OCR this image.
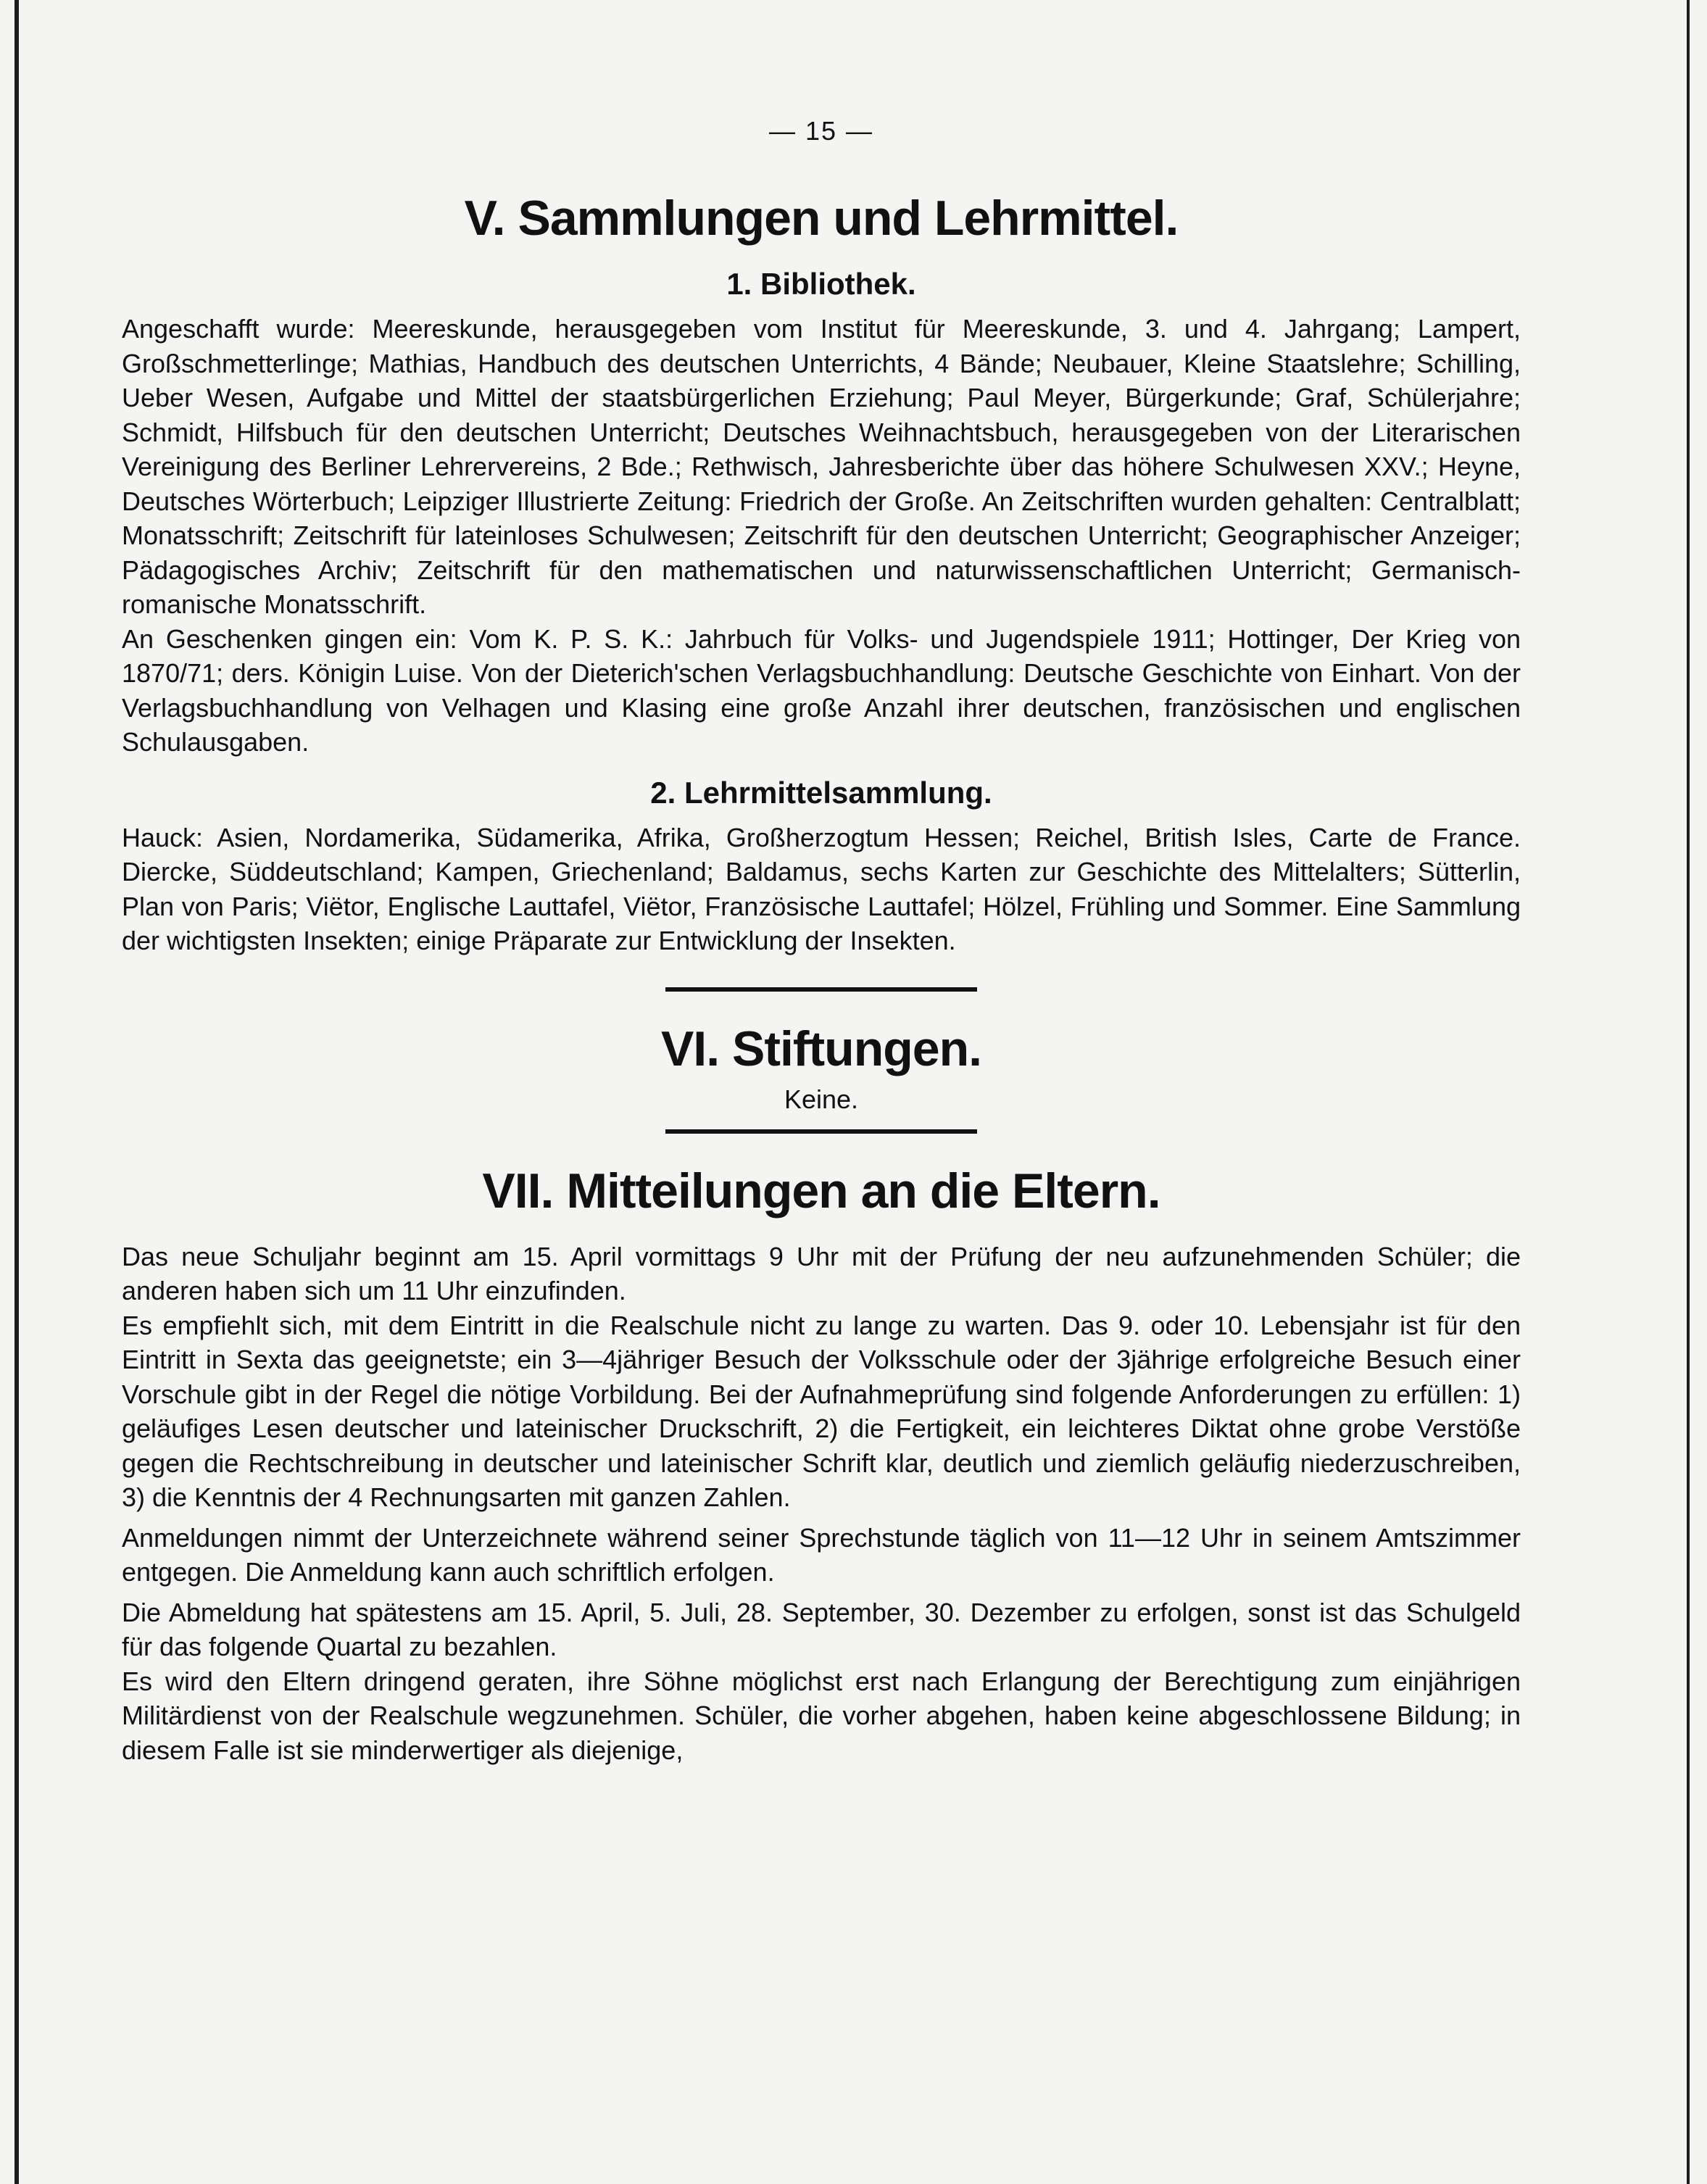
— 15 —
V. Sammlungen und Lehrmittel.
1. Bibliothek.

Angeschafft wurde: Meereskunde, herausgegeben vom Institut für Meereskunde, 3. und 4. Jahrgang; Lampert, Großschmetterlinge; Mathias, Handbuch des deutschen Unterrichts, 4 Bände; Neubauer, Kleine Staatslehre; Schilling, Ueber Wesen, Aufgabe und Mittel der staatsbürgerlichen Erziehung; Paul Meyer, Bürgerkunde; Graf, Schülerjahre; Schmidt, Hilfsbuch für den deutschen Unterricht; Deutsches Weihnachtsbuch, herausgegeben von der Literarischen Vereinigung des Berliner Lehrervereins, 2 Bde.; Rethwisch, Jahresberichte über das höhere Schulwesen XXV.; Heyne, Deutsches Wörterbuch; Leipziger Illustrierte Zeitung: Friedrich der Große. An Zeitschriften wurden gehalten: Centralblatt; Monatsschrift; Zeitschrift für lateinloses Schulwesen; Zeitschrift für den deutschen Unterricht; Geographischer Anzeiger; Pädagogisches Archiv; Zeitschrift für den mathematischen und naturwissenschaftlichen Unterricht; Germanisch-romanische Monatsschrift.

An Geschenken gingen ein: Vom K. P. S. K.: Jahrbuch für Volks- und Jugendspiele 1911; Hottinger, Der Krieg von 1870/71; ders. Königin Luise. Von der Dieterich'schen Verlagsbuchhandlung: Deutsche Geschichte von Einhart. Von der Verlagsbuchhandlung von Velhagen und Klasing eine große Anzahl ihrer deutschen, französischen und englischen Schulausgaben.

2. Lehrmittelsammlung.

Hauck: Asien, Nordamerika, Südamerika, Afrika, Großherzogtum Hessen; Reichel, British Isles, Carte de France. Diercke, Süddeutschland; Kampen, Griechenland; Baldamus, sechs Karten zur Geschichte des Mittelalters; Sütterlin, Plan von Paris; Viëtor, Englische Lauttafel, Viëtor, Französische Lauttafel; Hölzel, Frühling und Sommer. Eine Sammlung der wichtigsten Insekten; einige Präparate zur Entwicklung der Insekten.

VI. Stiftungen.
Keine.
VII. Mitteilungen an die Eltern.

Das neue Schuljahr beginnt am 15. April vormittags 9 Uhr mit der Prüfung der neu aufzunehmenden Schüler; die anderen haben sich um 11 Uhr einzufinden.

Es empfiehlt sich, mit dem Eintritt in die Realschule nicht zu lange zu warten. Das 9. oder 10. Lebensjahr ist für den Eintritt in Sexta das geeignetste; ein 3—4jähriger Besuch der Volksschule oder der 3jährige erfolgreiche Besuch einer Vorschule gibt in der Regel die nötige Vorbildung. Bei der Aufnahmeprüfung sind folgende Anforderungen zu erfüllen: 1) geläufiges Lesen deutscher und lateinischer Druckschrift, 2) die Fertigkeit, ein leichteres Diktat ohne grobe Verstöße gegen die Rechtschreibung in deutscher und lateinischer Schrift klar, deutlich und ziemlich geläufig niederzuschreiben, 3) die Kenntnis der 4 Rechnungsarten mit ganzen Zahlen.

Anmeldungen nimmt der Unterzeichnete während seiner Sprechstunde täglich von 11—12 Uhr in seinem Amtszimmer entgegen. Die Anmeldung kann auch schriftlich erfolgen.

Die Abmeldung hat spätestens am 15. April, 5. Juli, 28. September, 30. Dezember zu erfolgen, sonst ist das Schulgeld für das folgende Quartal zu bezahlen.

Es wird den Eltern dringend geraten, ihre Söhne möglichst erst nach Erlangung der Berechtigung zum einjährigen Militärdienst von der Realschule wegzunehmen. Schüler, die vorher abgehen, haben keine abgeschlossene Bildung; in diesem Falle ist sie minderwertiger als diejenige,
